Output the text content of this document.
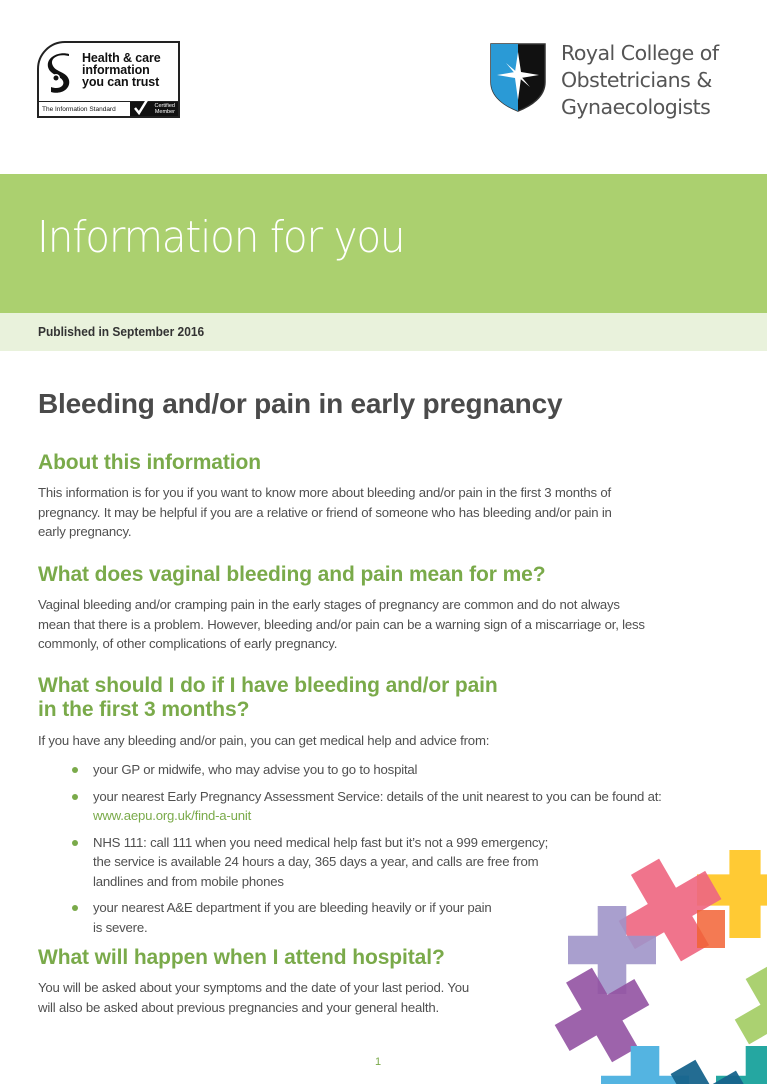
Health & care
information
you can trust
The Information Standard	Certified
Member
Royal College of
Obstetricians &
Gynaecologists
Information for you
Published in September 2016
Bleeding and/or pain in early pregnancy
About this information
This information is for you if you want to know more about bleeding and/or pain in the first 3 months of
pregnancy. It may be helpful if you are a relative or friend of someone who has bleeding and/or pain in
early pregnancy.
What does vaginal bleeding and pain mean for me?
Vaginal bleeding and/or cramping pain in the early stages of pregnancy are common and do not always
mean that there is a problem. However, bleeding and/or pain can be a warning sign of a miscarriage or, less
commonly, of other complications of early pregnancy.
What should I do if I have bleeding and/or pain
in the first 3 months?
If you have any bleeding and/or pain, you can get medical help and advice from:
your GP or midwife, who may advise you to go to hospital
your nearest Early Pregnancy Assessment Service: details of the unit nearest to you can be found at:
www.aepu.org.uk/find-a-unit
NHS 111: call 111 when you need medical help fast but it’s not a 999 emergency;
the service is available 24 hours a day, 365 days a year, and calls are free from
landlines and from mobile phones
your nearest A&E department if you are bleeding heavily or if your pain
is severe.
What will happen when I attend hospital?
You will be asked about your symptoms and the date of your last period. You
will also be asked about previous pregnancies and your general health.
1
